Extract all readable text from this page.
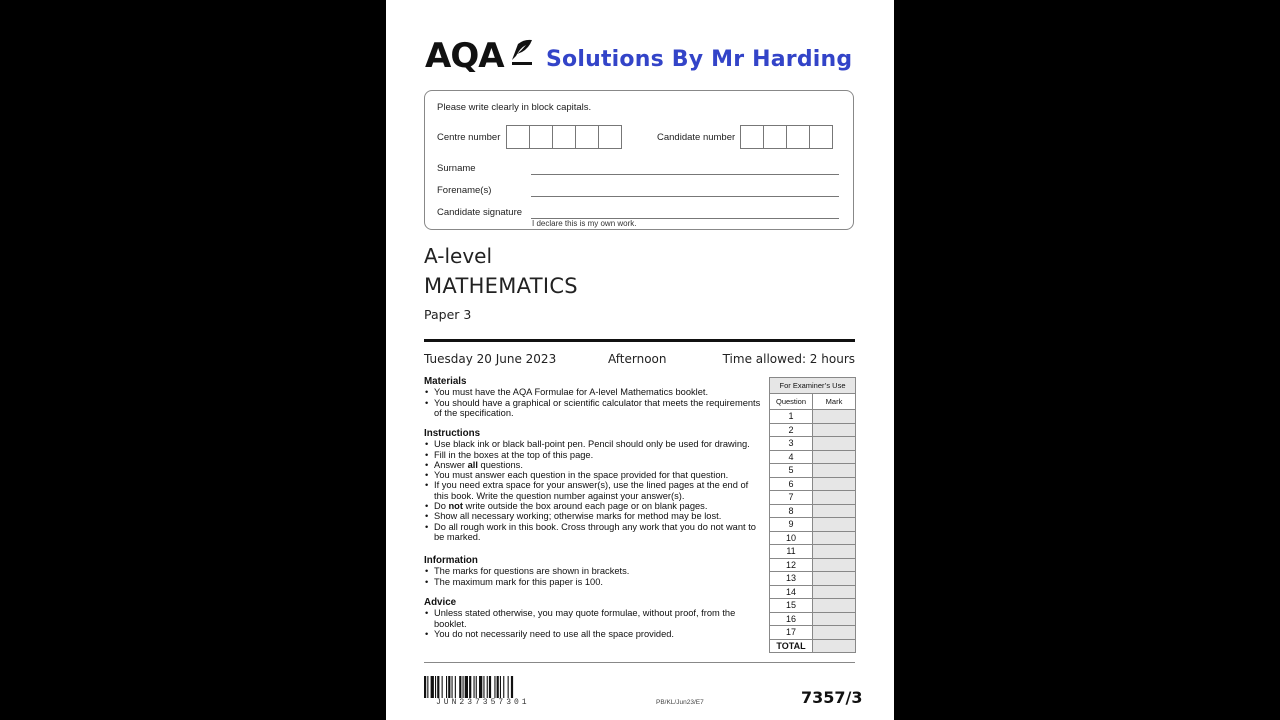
AQA Solutions By Mr Harding
Please write clearly in block capitals.
Centre number	Candidate number
Surname
Forename(s)
Candidate signature
I declare this is my own work.
A-level
MATHEMATICS
Paper 3
Tuesday 20 June 2023	Afternoon	Time allowed: 2 hours
Materials
• You must have the AQA Formulae for A-level Mathematics booklet.
• You should have a graphical or scientific calculator that meets the requirements of the specification.
Instructions
• Use black ink or black ball-point pen. Pencil should only be used for drawing.
• Fill in the boxes at the top of this page.
• Answer all questions.
• You must answer each question in the space provided for that question.
• If you need extra space for your answer(s), use the lined pages at the end of this book. Write the question number against your answer(s).
• Do not write outside the box around each page or on blank pages.
• Show all necessary working; otherwise marks for method may be lost.
• Do all rough work in this book. Cross through any work that you do not want to be marked.
Information
• The marks for questions are shown in brackets.
• The maximum mark for this paper is 100.
Advice
• Unless stated otherwise, you may quote formulae, without proof, from the booklet.
• You do not necessarily need to use all the space provided.
For Examiner’s Use	
Question	Mark
1	
2	
3	
4	
5	
6	
7	
8	
9	
10	
11	
12	
13	
14	
15	
16	
17	
TOTAL	
JUN237357301	PB/KL/Jun23/E7	7357/3
